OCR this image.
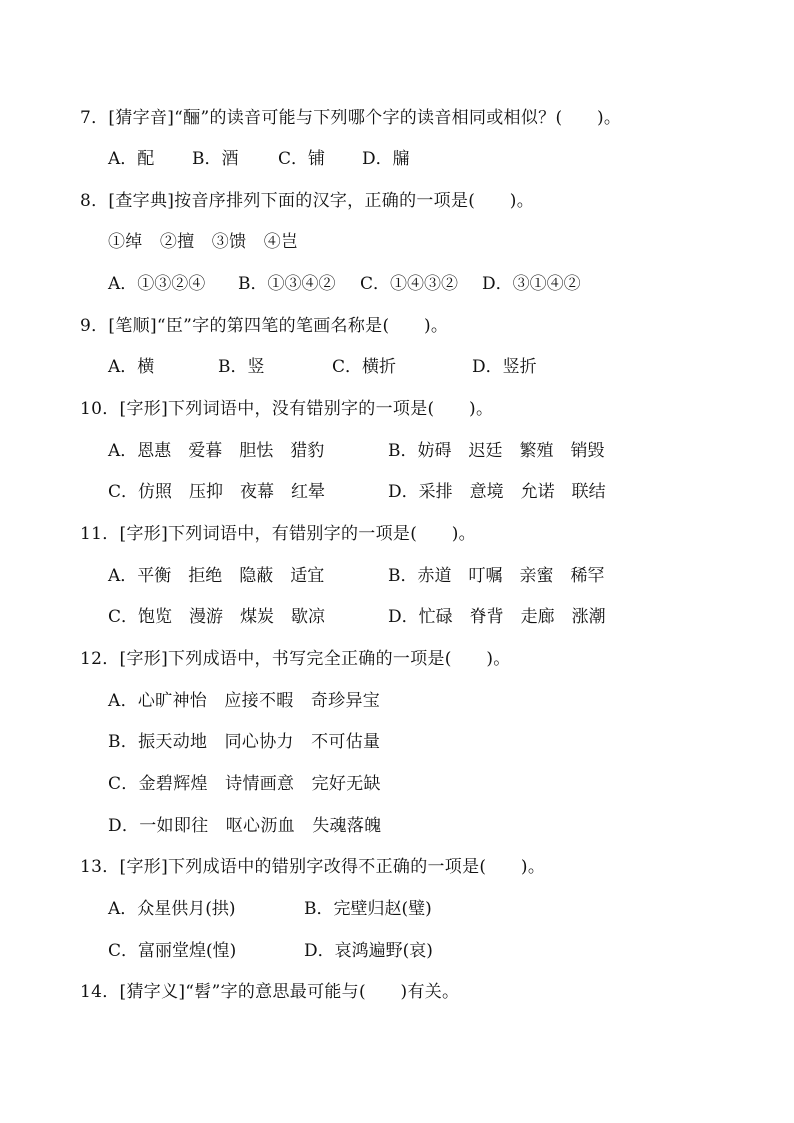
7．[猜字音]“酾”的读音可能与下列哪个字的读音相同或相似？(　　)。
A．配	B．酒	C．铺	D．牖
8．[查字典]按音序排列下面的汉字，正确的一项是(　　)。
①绰　②擅　③馈　④岂
A．①③②④	B．①③④②	C．①④③②	D．③①④②
9．[笔顺]“臣”字的第四笔的笔画名称是(　　)。
A．横	B．竖	C．横折	D．竖折
10．[字形]下列词语中，没有错别字的一项是(　　)。
A．恩惠　爱暮　胆怯　猎豹	B．妨碍　迟廷　繁殖　销毁
C．仿照　压抑　夜幕　红晕	D．采排　意境　允诺　联结
11．[字形]下列词语中，有错别字的一项是(　　)。
A．平衡　拒绝　隐蔽　适宜	B．赤道　叮嘱　亲蜜　稀罕
C．饱览　漫游　煤炭　歇凉	D．忙碌　脊背　走廊　涨潮
12．[字形]下列成语中，书写完全正确的一项是(　　)。
A．心旷神怡　应接不暇　奇珍异宝
B．振天动地　同心协力　不可估量
C．金碧辉煌　诗情画意　完好无缺
D．一如即往　呕心沥血　失魂落魄
13．[字形]下列成语中的错别字改得不正确的一项是(　　)。
A．众星供月(拱)	B．完壁归赵(璧)
C．富丽堂煌(惶)	D．哀鸿遍野(哀)
14．[猜字义]“髫”字的意思最可能与(　　)有关。
